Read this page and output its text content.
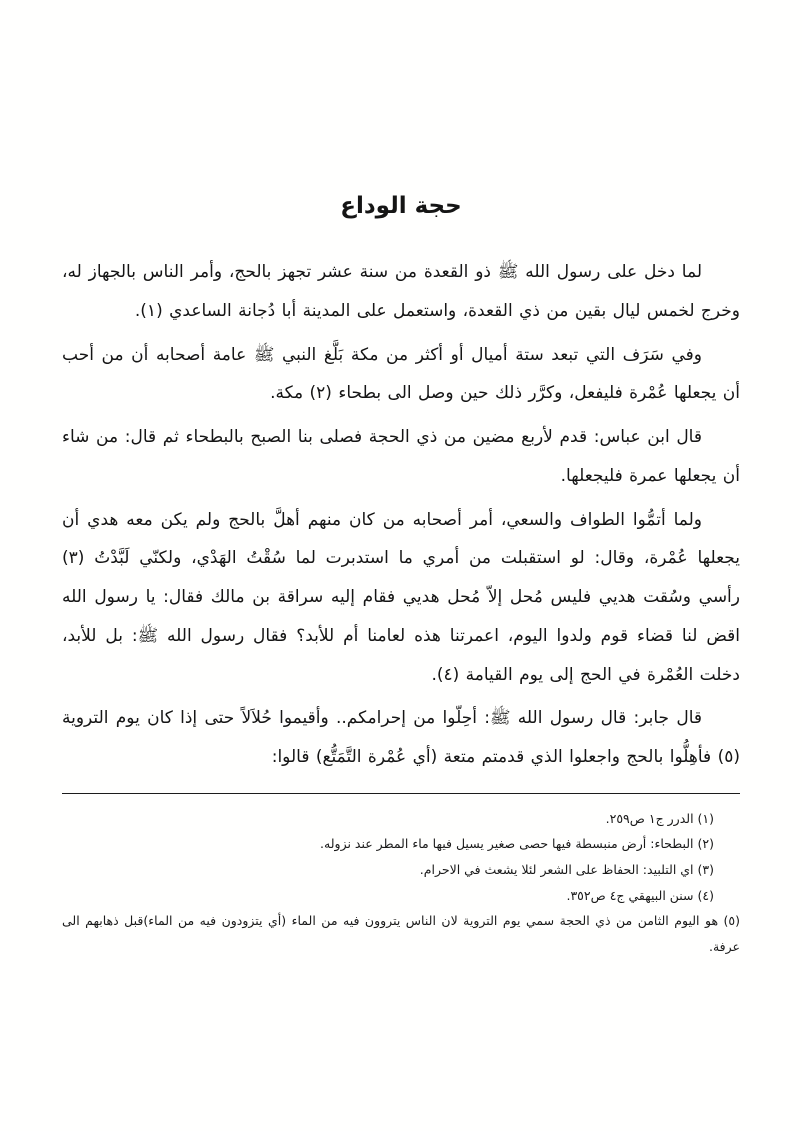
حجة الوداع

لما دخل على رسول الله ﷺ ذو القعدة من سنة عشر تجهز بالحج، وأمر الناس بالجهاز له، وخرج لخمس ليال بقين من ذي القعدة، واستعمل على المدينة أبا دُجانة الساعدي (١).

وفي سَرَف التي تبعد ستة أميال أو أكثر من مكة بَلَّغ النبي ﷺ عامة أصحابه أن من أحب أن يجعلها عُمْرة فليفعل، وكرَّر ذلك حين وصل الى بطحاء (٢) مكة.

قال ابن عباس: قدم لأربع مضين من ذي الحجة فصلى بنا الصبح بالبطحاء ثم قال: من شاء أن يجعلها عمرة فليجعلها.

ولما أتمُّوا الطواف والسعي، أمر أصحابه من كان منهم أهلَّ بالحج ولم يكن معه هدي أن يجعلها عُمْرة، وقال: لو استقبلت من أمري ما استدبرت لما سُقْتُ الهَدْي، ولكنّي لَبَّدْتُ (٣) رأسي وسُقت هديي فليس مُحل إلاّ مُحل هديي فقام إليه سراقة بن مالك فقال: يا رسول الله اقض لنا قضاء قوم ولدوا اليوم، اعمرتنا هذه لعامنا أم للأبد؟ فقال رسول الله ﷺ: بل للأبد، دخلت العُمْرة في الحج إلى يوم القيامة (٤).

قال جابر: قال رسول الله ﷺ: أحِلّوا من إحرامكم.. وأقيموا حُلاَلاً حتى إذا كان يوم التروية (٥) فأهِلُّوا بالحج واجعلوا الذي قدمتم متعة (أي عُمْرة التَّمَتُّع) قالوا:

(١) الدرر ج١ ص٢٥٩.
(٢) البطحاء: أرض منبسطة فيها حصى صغير يسيل فيها ماء المطر عند نزوله.
(٣) اي التلبيد: الحفاظ على الشعر لئلا يشعث في الاحرام.
(٤) سنن البيهقي ج٤ ص٣٥٢.
(٥) هو اليوم الثامن من ذي الحجة سمي يوم التروية لان الناس يتروون فيه من الماء (أي يتزودون فيه من الماء)قبل ذهابهم الى عرفة.
